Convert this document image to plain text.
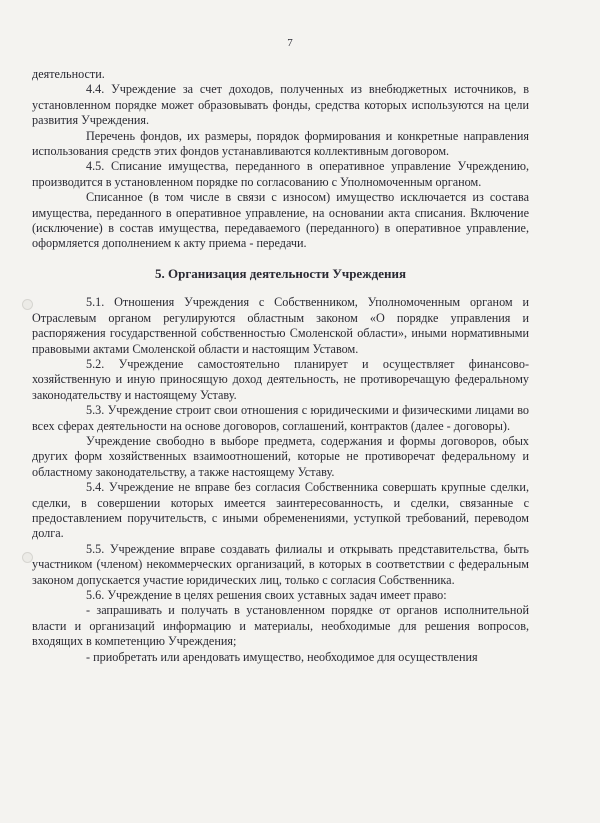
7

деятельности.

4.4. Учреждение за счет доходов, полученных из внебюджетных источников, в установленном порядке может образовывать фонды, средства которых используются на цели развития Учреждения.

Перечень фондов, их размеры, порядок формирования и конкретные направления использования средств этих фондов устанавливаются коллективным договором.

4.5. Списание имущества, переданного в оперативное управление Учреждению, производится в установленном порядке по согласованию с Уполномоченным органом.

Списанное (в том числе в связи с износом) имущество исключается из состава имущества, переданного в оперативное управление, на основании акта списания. Включение (исключение) в состав имущества, передаваемого (переданного) в оперативное управление, оформляется дополнением к акту приема - передачи.

5. Организация деятельности Учреждения

5.1. Отношения Учреждения с Собственником, Уполномоченным органом и Отраслевым органом регулируются областным законом «О порядке управления и распоряжения государственной собственностью Смоленской области», иными нормативными правовыми актами Смоленской области и настоящим Уставом.

5.2. Учреждение самостоятельно планирует и осуществляет финансово-хозяйственную и иную приносящую доход деятельность, не противоречащую федеральному законодательству и настоящему Уставу.

5.3. Учреждение строит свои отношения с юридическими и физическими лицами во всех сферах деятельности на основе договоров, соглашений, контрактов (далее - договоры).

Учреждение свободно в выборе предмета, содержания и формы договоров, обых других форм хозяйственных взаимоотношений, которые не противоречат федеральному и областному законодательству, а также настоящему Уставу.

5.4. Учреждение не вправе без согласия Собственника совершать крупные сделки, сделки, в совершении которых имеется заинтересованность, и сделки, связанные с предоставлением поручительств, с иными обременениями, уступкой требований, переводом долга.

5.5. Учреждение вправе создавать филиалы и открывать представительства, быть участником (членом) некоммерческих организаций, в которых в соответствии с федеральным законом допускается участие юридических лиц, только с согласия Собственника.

5.6. Учреждение в целях решения своих уставных задач имеет право:

- запрашивать и получать в установленном порядке от органов исполнительной власти и организаций информацию и материалы, необходимые для решения вопросов, входящих в компетенцию Учреждения;

- приобретать или арендовать имущество, необходимое для осуществления
